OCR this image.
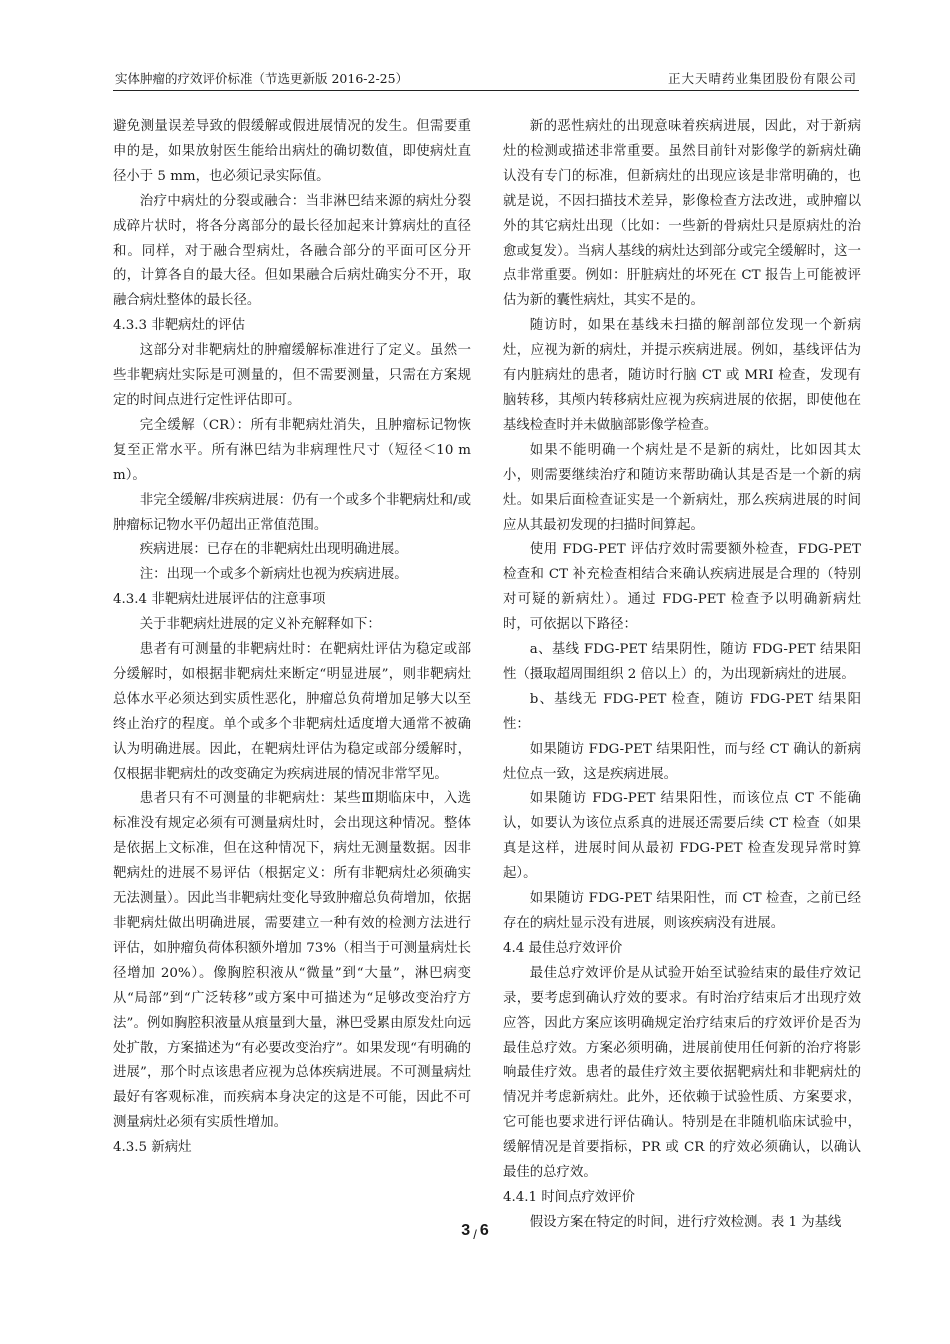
实体肿瘤的疗效评价标准（节选更新版 2016-2-25）	正大天晴药业集团股份有限公司

避免测量误差导致的假缓解或假进展情况的发生。但需要重申的是，如果放射医生能给出病灶的确切数值，即使病灶直径小于 5 mm，也必须记录实际值。

治疗中病灶的分裂或融合：当非淋巴结来源的病灶分裂成碎片状时，将各分离部分的最长径加起来计算病灶的直径和。同样，对于融合型病灶，各融合部分的平面可区分开的，计算各自的最大径。但如果融合后病灶确实分不开，取融合病灶整体的最长径。

4.3.3 非靶病灶的评估

这部分对非靶病灶的肿瘤缓解标准进行了定义。虽然一些非靶病灶实际是可测量的，但不需要测量，只需在方案规定的时间点进行定性评估即可。

完全缓解（CR）：所有非靶病灶消失，且肿瘤标记物恢复至正常水平。所有淋巴结为非病理性尺寸（短径＜10 mm）。

非完全缓解/非疾病进展：仍有一个或多个非靶病灶和/或肿瘤标记物水平仍超出正常值范围。

疾病进展：已存在的非靶病灶出现明确进展。

注：出现一个或多个新病灶也视为疾病进展。

4.3.4 非靶病灶进展评估的注意事项

关于非靶病灶进展的定义补充解释如下：

患者有可测量的非靶病灶时：在靶病灶评估为稳定或部分缓解时，如根据非靶病灶来断定“明显进展”，则非靶病灶总体水平必须达到实质性恶化，肿瘤总负荷增加足够大以至终止治疗的程度。单个或多个非靶病灶适度增大通常不被确认为明确进展。因此，在靶病灶评估为稳定或部分缓解时，仅根据非靶病灶的改变确定为疾病进展的情况非常罕见。

患者只有不可测量的非靶病灶：某些Ⅲ期临床中，入选标准没有规定必须有可测量病灶时，会出现这种情况。整体是依据上文标准，但在这种情况下，病灶无测量数据。因非靶病灶的进展不易评估（根据定义：所有非靶病灶必须确实无法测量）。因此当非靶病灶变化导致肿瘤总负荷增加，依据非靶病灶做出明确进展，需要建立一种有效的检测方法进行评估，如肿瘤负荷体积额外增加 73%（相当于可测量病灶长径增加 20%）。像胸腔积液从“微量”到“大量”，淋巴病变从“局部”到“广泛转移”或方案中可描述为“足够改变治疗方法”。例如胸腔积液量从痕量到大量，淋巴受累由原发灶向远处扩散，方案描述为“有必要改变治疗”。如果发现“有明确的进展”，那个时点该患者应视为总体疾病进展。不可测量病灶最好有客观标准，而疾病本身决定的这是不可能，因此不可测量病灶必须有实质性增加。

4.3.5 新病灶

新的恶性病灶的出现意味着疾病进展，因此，对于新病灶的检测或描述非常重要。虽然目前针对影像学的新病灶确认没有专门的标准，但新病灶的出现应该是非常明确的，也就是说，不因扫描技术差异，影像检查方法改进，或肿瘤以外的其它病灶出现（比如：一些新的骨病灶只是原病灶的治愈或复发）。当病人基线的病灶达到部分或完全缓解时，这一点非常重要。例如：肝脏病灶的坏死在 CT 报告上可能被评估为新的囊性病灶，其实不是的。

随访时，如果在基线未扫描的解剖部位发现一个新病灶，应视为新的病灶，并提示疾病进展。例如，基线评估为有内脏病灶的患者，随访时行脑 CT 或 MRI 检查，发现有脑转移，其颅内转移病灶应视为疾病进展的依据，即使他在基线检查时并未做脑部影像学检查。

如果不能明确一个病灶是不是新的病灶，比如因其太小，则需要继续治疗和随访来帮助确认其是否是一个新的病灶。如果后面检查证实是一个新病灶，那么疾病进展的时间应从其最初发现的扫描时间算起。

使用 FDG-PET 评估疗效时需要额外检查，FDG-PET 检查和 CT 补充检查相结合来确认疾病进展是合理的（特别对可疑的新病灶）。通过 FDG-PET 检查予以明确新病灶时，可依据以下路径：

a、基线 FDG-PET 结果阴性，随访 FDG-PET 结果阳性（摄取超周围组织 2 倍以上）的，为出现新病灶的进展。

b、基线无 FDG-PET 检查，随访 FDG-PET 结果阳性：

如果随访 FDG-PET 结果阳性，而与经 CT 确认的新病灶位点一致，这是疾病进展。

如果随访 FDG-PET 结果阳性，而该位点 CT 不能确认，如要认为该位点系真的进展还需要后续 CT 检查（如果真是这样，进展时间从最初 FDG-PET 检查发现异常时算起）。

如果随访 FDG-PET 结果阳性，而 CT 检查，之前已经存在的病灶显示没有进展，则该疾病没有进展。

4.4 最佳总疗效评价

最佳总疗效评价是从试验开始至试验结束的最佳疗效记录，要考虑到确认疗效的要求。有时治疗结束后才出现疗效应答，因此方案应该明确规定治疗结束后的疗效评价是否为最佳总疗效。方案必须明确，进展前使用任何新的治疗将影响最佳疗效。患者的最佳疗效主要依据靶病灶和非靶病灶的情况并考虑新病灶。此外，还依赖于试验性质、方案要求，它可能也要求进行评估确认。特别是在非随机临床试验中，缓解情况是首要指标，PR 或 CR 的疗效必须确认，以确认最佳的总疗效。

4.4.1 时间点疗效评价

假设方案在特定的时间，进行疗效检测。表 1 为基线

3 $_/$ 6
